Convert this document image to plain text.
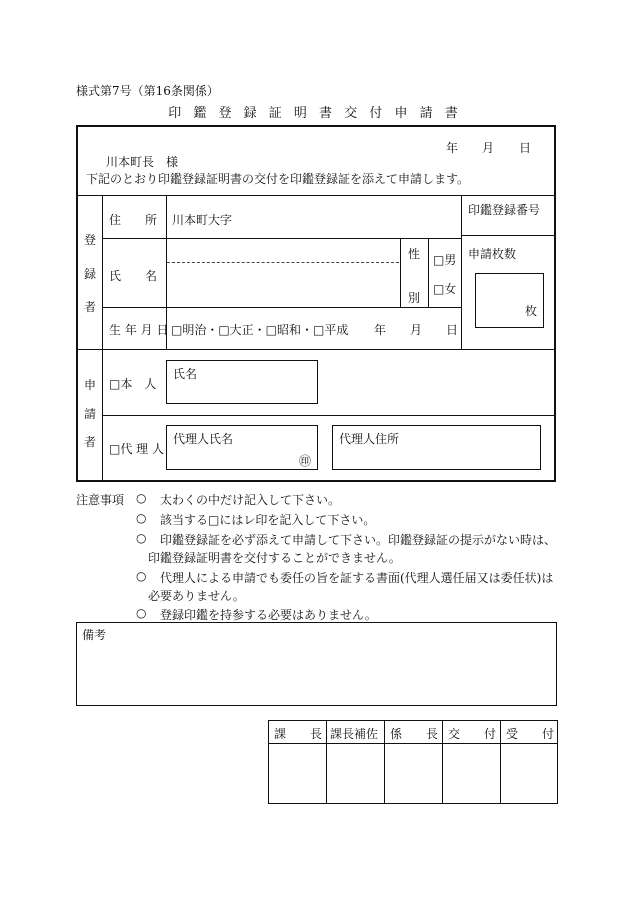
様式第7号（第16条関係）
印 鑑 登 録 証 明 書 交 付 申 請 書
年 月 日
川本町長　様
下記のとおり印鑑登録証明書の交付を印鑑登録証を添えて申請します。
登
録
者
住　　所 川本町大字
印鑑登録番号
氏　　名
性
別
□男
□女
申請枚数
枚
生 年 月 日 □明治・□大正・□昭和・□平成 年 月 日
申
請
者
□本　人
氏名
□代 理 人
代理人氏名
㊞
代理人住所
注意事項 ○ 太わくの中だけ記入して下さい。
○ 該当する□にはレ印を記入して下さい。
○ 印鑑登録証を必ず添えて申請して下さい。印鑑登録証の提示がない時は、
印鑑登録証明書を交付することができません。
○ 代理人による申請でも委任の旨を証する書面(代理人選任届又は委任状)は
必要ありません。
○ 登録印鑑を持参する必要はありません。
備考
課　　長 課長補佐 係　　長 交　　付 受　　付
